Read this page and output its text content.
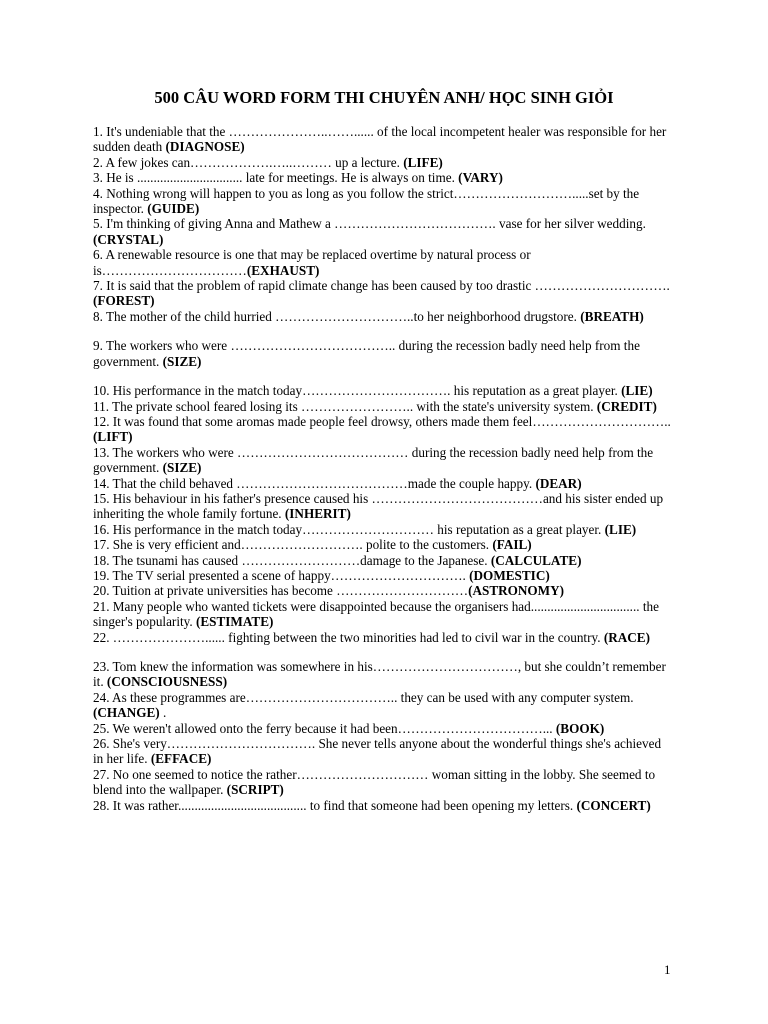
500 CÂU WORD FORM THI CHUYÊN ANH/ HỌC SINH GIỎI

1. It's undeniable that the …………………..……...... of the local incompetent healer was responsible for her sudden death (DIAGNOSE)

2. A few jokes can……………….…..……… up a lecture. (LIFE)

3. He is ................................ late for meetings. He is always on time. (VARY)

4. Nothing wrong will happen to you as long as you follow the strict……………………….....set by the inspector. (GUIDE)

5. I'm thinking of giving Anna and Mathew a ………………………………. vase for her silver wedding. (CRYSTAL)

6. A renewable resource is one that may be replaced overtime by natural process or is……………………………(EXHAUST)

7. It is said that the problem of rapid climate change has been caused by too drastic …………………………. (FOREST)

8. The mother of the child hurried …………………………..to her neighborhood drugstore. (BREATH)

9. The workers who were ……………………………….. during the recession badly need help from the government. (SIZE)

10. His performance in the match today……………………………. his reputation as a great player. (LIE)

11. The private school feared losing its …………………….. with the state's university system. (CREDIT)

12. It was found that some aromas made people feel drowsy, others made them feel………………………….. (LIFT)

13. The workers who were ………………………………… during the recession badly need help from the government. (SIZE)

14. That the child behaved …………………………………made the couple happy. (DEAR)

15. His behaviour in his father's presence caused his …………………………………and his sister ended up inheriting the whole family fortune. (INHERIT)

16. His performance in the match today………………………… his reputation as a great player. (LIE)

17. She is very efficient and………………………. polite to the customers. (FAIL)

18. The tsunami has caused ………………………damage to the Japanese. (CALCULATE)

19. The TV serial presented a scene of happy…………………………. (DOMESTIC)

20. Tuition at private universities has become …………………………(ASTRONOMY)

21. Many people who wanted tickets were disappointed because the organisers had................................. the singer's popularity. (ESTIMATE)

22. …………………...... fighting between the two minorities had led to civil war in the country. (RACE)

23. Tom knew the information was somewhere in his……………………………, but she couldn’t remember it. (CONSCIOUSNESS)

24. As these programmes are…………………………….. they can be used with any computer system. (CHANGE) .

25. We weren't allowed onto the ferry because it had been……………………………... (BOOK)

26. She's very……………………………. She never tells anyone about the wonderful things she's achieved in her life. (EFFACE)

27. No one seemed to notice the rather………………………… woman sitting in the lobby. She seemed to blend into the wallpaper. (SCRIPT)

28. It was rather....................................... to find that someone had been opening my letters. (CONCERT)

1
